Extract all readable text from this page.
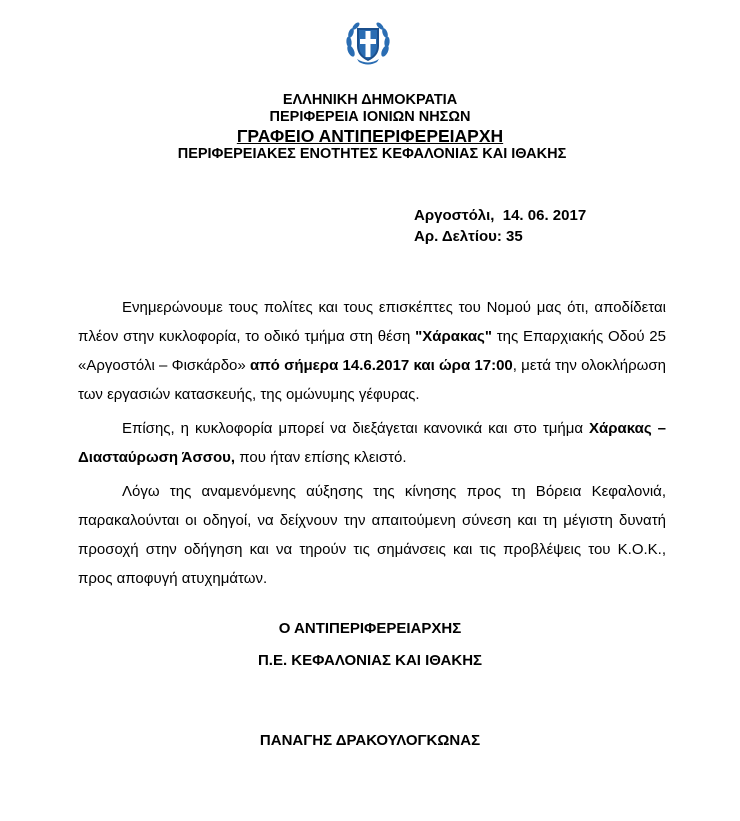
ΕΛΛΗΝΙΚΗ ΔΗΜΟΚΡΑΤΙΑ
ΠΕΡΙΦΕΡΕΙΑ ΙΟΝΙΩΝ ΝΗΣΩΝ
ΓΡΑΦΕΙΟ ΑΝΤΙΠΕΡΙΦΕΡΕΙΑΡΧΗ
ΠΕΡΙΦΕΡΕΙΑΚΕΣ ΕΝΟΤΗΤΕΣ ΚΕΦΑΛΟΝΙΑΣ ΚΑΙ ΙΘΑΚΗΣ
Αργοστόλι,  14. 06. 2017
Αρ. Δελτίου: 35

Ενημερώνουμε τους πολίτες και τους επισκέπτες του Νομού μας ότι, αποδίδεται πλέον στην κυκλοφορία, το οδικό τμήμα στη θέση "Χάρακας" της Επαρχιακής Οδού 25 «Αργοστόλι – Φισκάρδο» από σήμερα 14.6.2017 και ώρα 17:00, μετά την ολοκλήρωση των εργασιών κατασκευής, της ομώνυμης γέφυρας.

Επίσης, η κυκλοφορία μπορεί να διεξάγεται κανονικά και στο τμήμα Χάρακας – Διασταύρωση Άσσου, που ήταν επίσης κλειστό.

Λόγω της αναμενόμενης αύξησης της κίνησης προς τη Βόρεια Κεφαλονιά, παρακαλούνται οι οδηγοί, να δείχνουν την απαιτούμενη σύνεση και τη μέγιστη δυνατή προσοχή στην οδήγηση και να τηρούν τις σημάνσεις και τις προβλέψεις του Κ.Ο.Κ., προς αποφυγή ατυχημάτων.

Ο ΑΝΤΙΠΕΡΙΦΕΡΕΙΑΡΧΗΣ
Π.Ε. ΚΕΦΑΛΟΝΙΑΣ ΚΑΙ ΙΘΑΚΗΣ
ΠΑΝΑΓΗΣ ΔΡΑΚΟΥΛΟΓΚΩΝΑΣ
